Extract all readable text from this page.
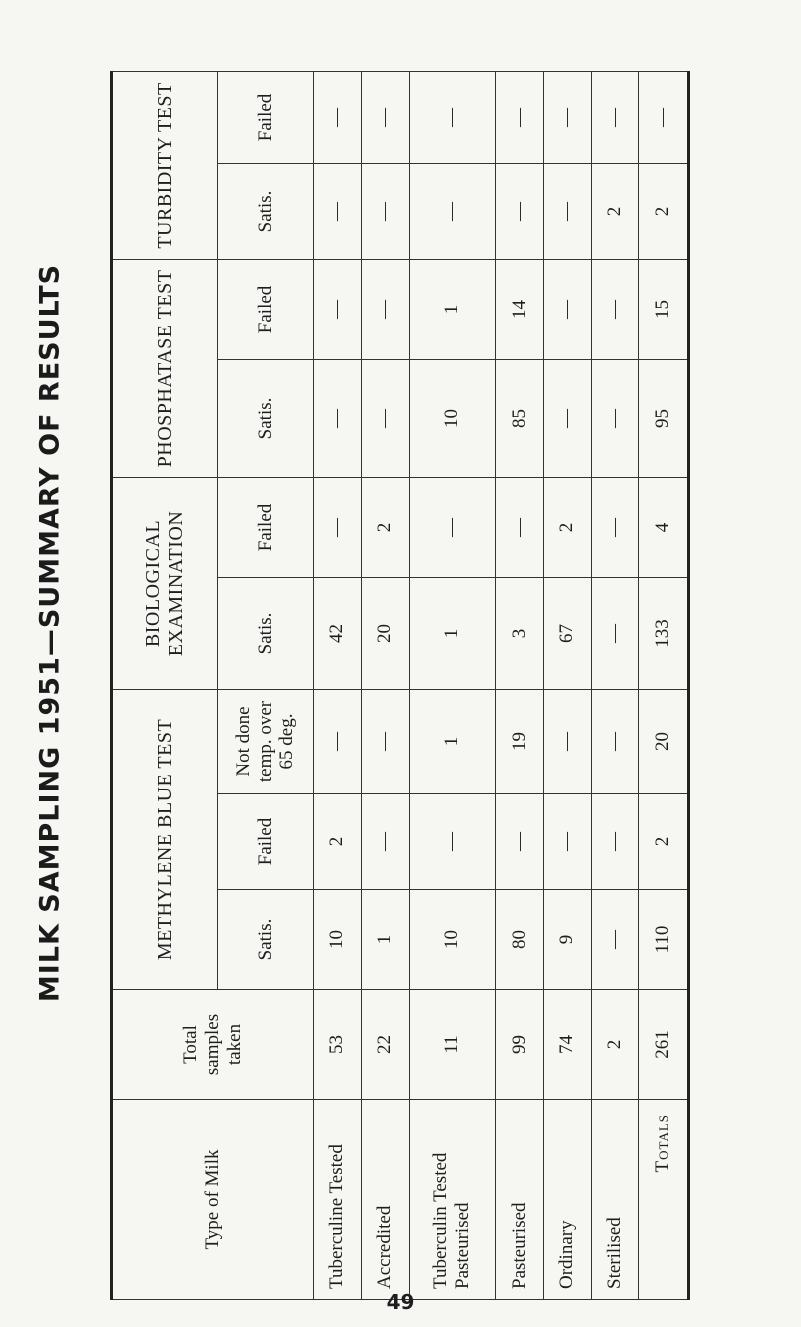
MILK SAMPLING 1951—SUMMARY OF RESULTS
Type of Milk	Total samples taken	METHYLENE BLUE TEST			BIOLOGICAL EXAMINATION		PHOSPHATASE TEST		TURBIDITY TEST	
		Satis.	Failed	Not done temp. over 65 deg.	Satis.	Failed	Satis.	Failed	Satis.	Failed
Tuberculine Tested	53	10	2	—	42	—	—	—	—	—
Accredited	22	1	—	—	20	2	—	—	—	—
Tuberculin Tested Pasteurised	11	10	—	1	1	—	10	1	—	—
Pasteurised	99	80	—	19	3	—	85	14	—	—
Ordinary	74	9	—	—	67	2	—	—	—	—
Sterilised	2	—	—	—	—	—	—	—	2	—
Totals	261	110	2	20	133	4	95	15	2	—
49
